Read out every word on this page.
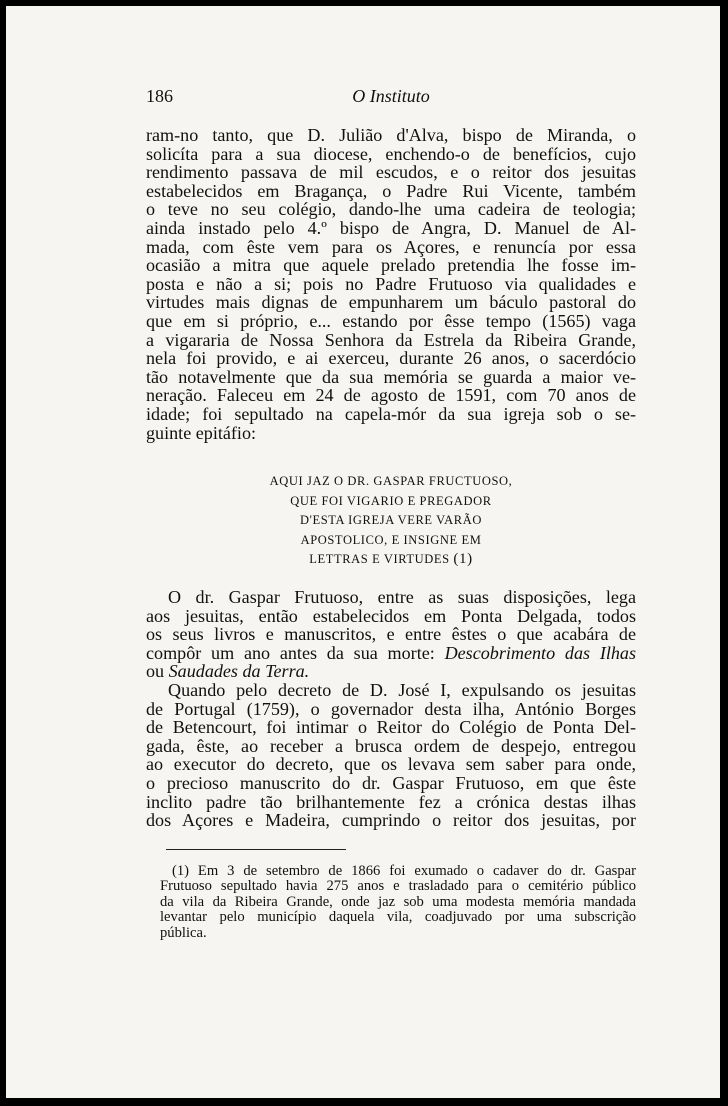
186	O Instituto
ram-no tanto, que D. Julião d'Alva, bispo de Miranda, o
solicíta para a sua diocese, enchendo-o de benefícios, cujo
rendimento passava de mil escudos, e o reitor dos jesuitas
estabelecidos em Bragança, o Padre Rui Vicente, também
o teve no seu colégio, dando-lhe uma cadeira de teologia;
ainda instado pelo 4.º bispo de Angra, D. Manuel de Al-
mada, com êste vem para os Açores, e renuncía por essa
ocasião a mitra que aquele prelado pretendia lhe fosse im-
posta e não a si; pois no Padre Frutuoso via qualidades e
virtudes mais dignas de empunharem um báculo pastoral do
que em si próprio, e... estando por êsse tempo (1565) vaga
a vigararia de Nossa Senhora da Estrela da Ribeira Grande,
nela foi provido, e ai exerceu, durante 26 anos, o sacerdócio
tão notavelmente que da sua memória se guarda a maior ve-
neração. Faleceu em 24 de agosto de 1591, com 70 anos de
idade; foi sepultado na capela-mór da sua igreja sob o se-
guinte epitáfio:
AQUI JAZ O DR. GASPAR FRUCTUOSO,
QUE FOI VIGARIO E PREGADOR
D'ESTA IGREJA VERE VARÃO
APOSTOLICO, E INSIGNE EM
LETTRAS E VIRTUDES (1)
O dr. Gaspar Frutuoso, entre as suas disposições, lega
aos jesuitas, então estabelecidos em Ponta Delgada, todos
os seus livros e manuscritos, e entre êstes o que acabára de
compôr um ano antes da sua morte: Descobrimento das Ilhas
ou Saudades da Terra.
Quando pelo decreto de D. José I, expulsando os jesuitas
de Portugal (1759), o governador desta ilha, António Borges
de Betencourt, foi intimar o Reitor do Colégio de Ponta Del-
gada, êste, ao receber a brusca ordem de despejo, entregou
ao executor do decreto, que os levava sem saber para onde,
o precioso manuscrito do dr. Gaspar Frutuoso, em que êste
inclito padre tão brilhantemente fez a crónica destas ilhas
dos Açores e Madeira, cumprindo o reitor dos jesuitas, por
(1) Em 3 de setembro de 1866 foi exumado o cadaver do dr. Gaspar
Frutuoso sepultado havia 275 anos e trasladado para o cemitério público
da vila da Ribeira Grande, onde jaz sob uma modesta memória mandada
levantar pelo município daquela vila, coadjuvado por uma subscrição
pública.
